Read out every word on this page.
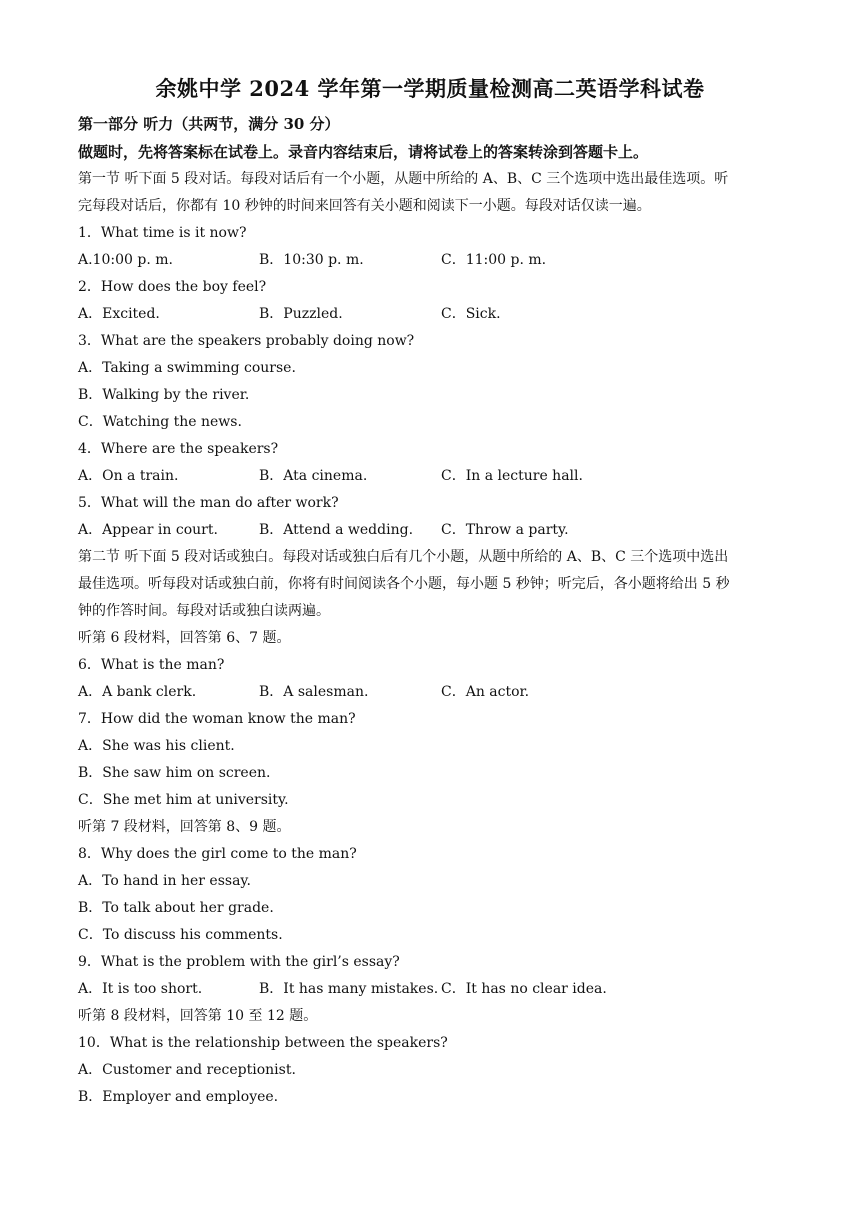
余姚中学 2024 学年第一学期质量检测高二英语学科试卷
第一部分 听力（共两节，满分 30 分）
做题时，先将答案标在试卷上。录音内容结束后，请将试卷上的答案转涂到答题卡上。
第一节 听下面 5 段对话。每段对话后有一个小题，从题中所给的 A、B、C 三个选项中选出最佳选项。听
完每段对话后，你都有 10 秒钟的时间来回答有关小题和阅读下一小题。每段对话仅读一遍。
1．What time is it now?
A.10:00 p. m.	B．10:30 p. m.	C．11:00 p. m.
2．How does the boy feel?
A．Excited.	B．Puzzled.	C．Sick.
3．What are the speakers probably doing now?
A．Taking a swimming course.
B．Walking by the river.
C．Watching the news.
4．Where are the speakers?
A．On a train.	B．Ata cinema.	C．In a lecture hall.
5．What will the man do after work?
A．Appear in court.	B．Attend a wedding. C．Throw a party.
第二节 听下面 5 段对话或独白。每段对话或独白后有几个小题，从题中所给的 A、B、C 三个选项中选出
最佳选项。听每段对话或独白前，你将有时间阅读各个小题，每小题 5 秒钟；听完后，各小题将给出 5 秒
钟的作答时间。每段对话或独白读两遍。
听第 6 段材料，回答第 6、7 题。
6．What is the man?
A．A bank clerk.	B．A salesman.	C．An actor.
7．How did the woman know the man?
A．She was his client.
B．She saw him on screen.
C．She met him at university.
听第 7 段材料，回答第 8、9 题。
8．Why does the girl come to the man?
A．To hand in her essay.
B．To talk about her grade.
C．To discuss his comments.
9．What is the problem with the girl’s essay?
A．It is too short.	B．It has many mistakes. C．It has no clear idea.
听第 8 段材料，回答第 10 至 12 题。
10．What is the relationship between the speakers?
A．Customer and receptionist.
B．Employer and employee.
